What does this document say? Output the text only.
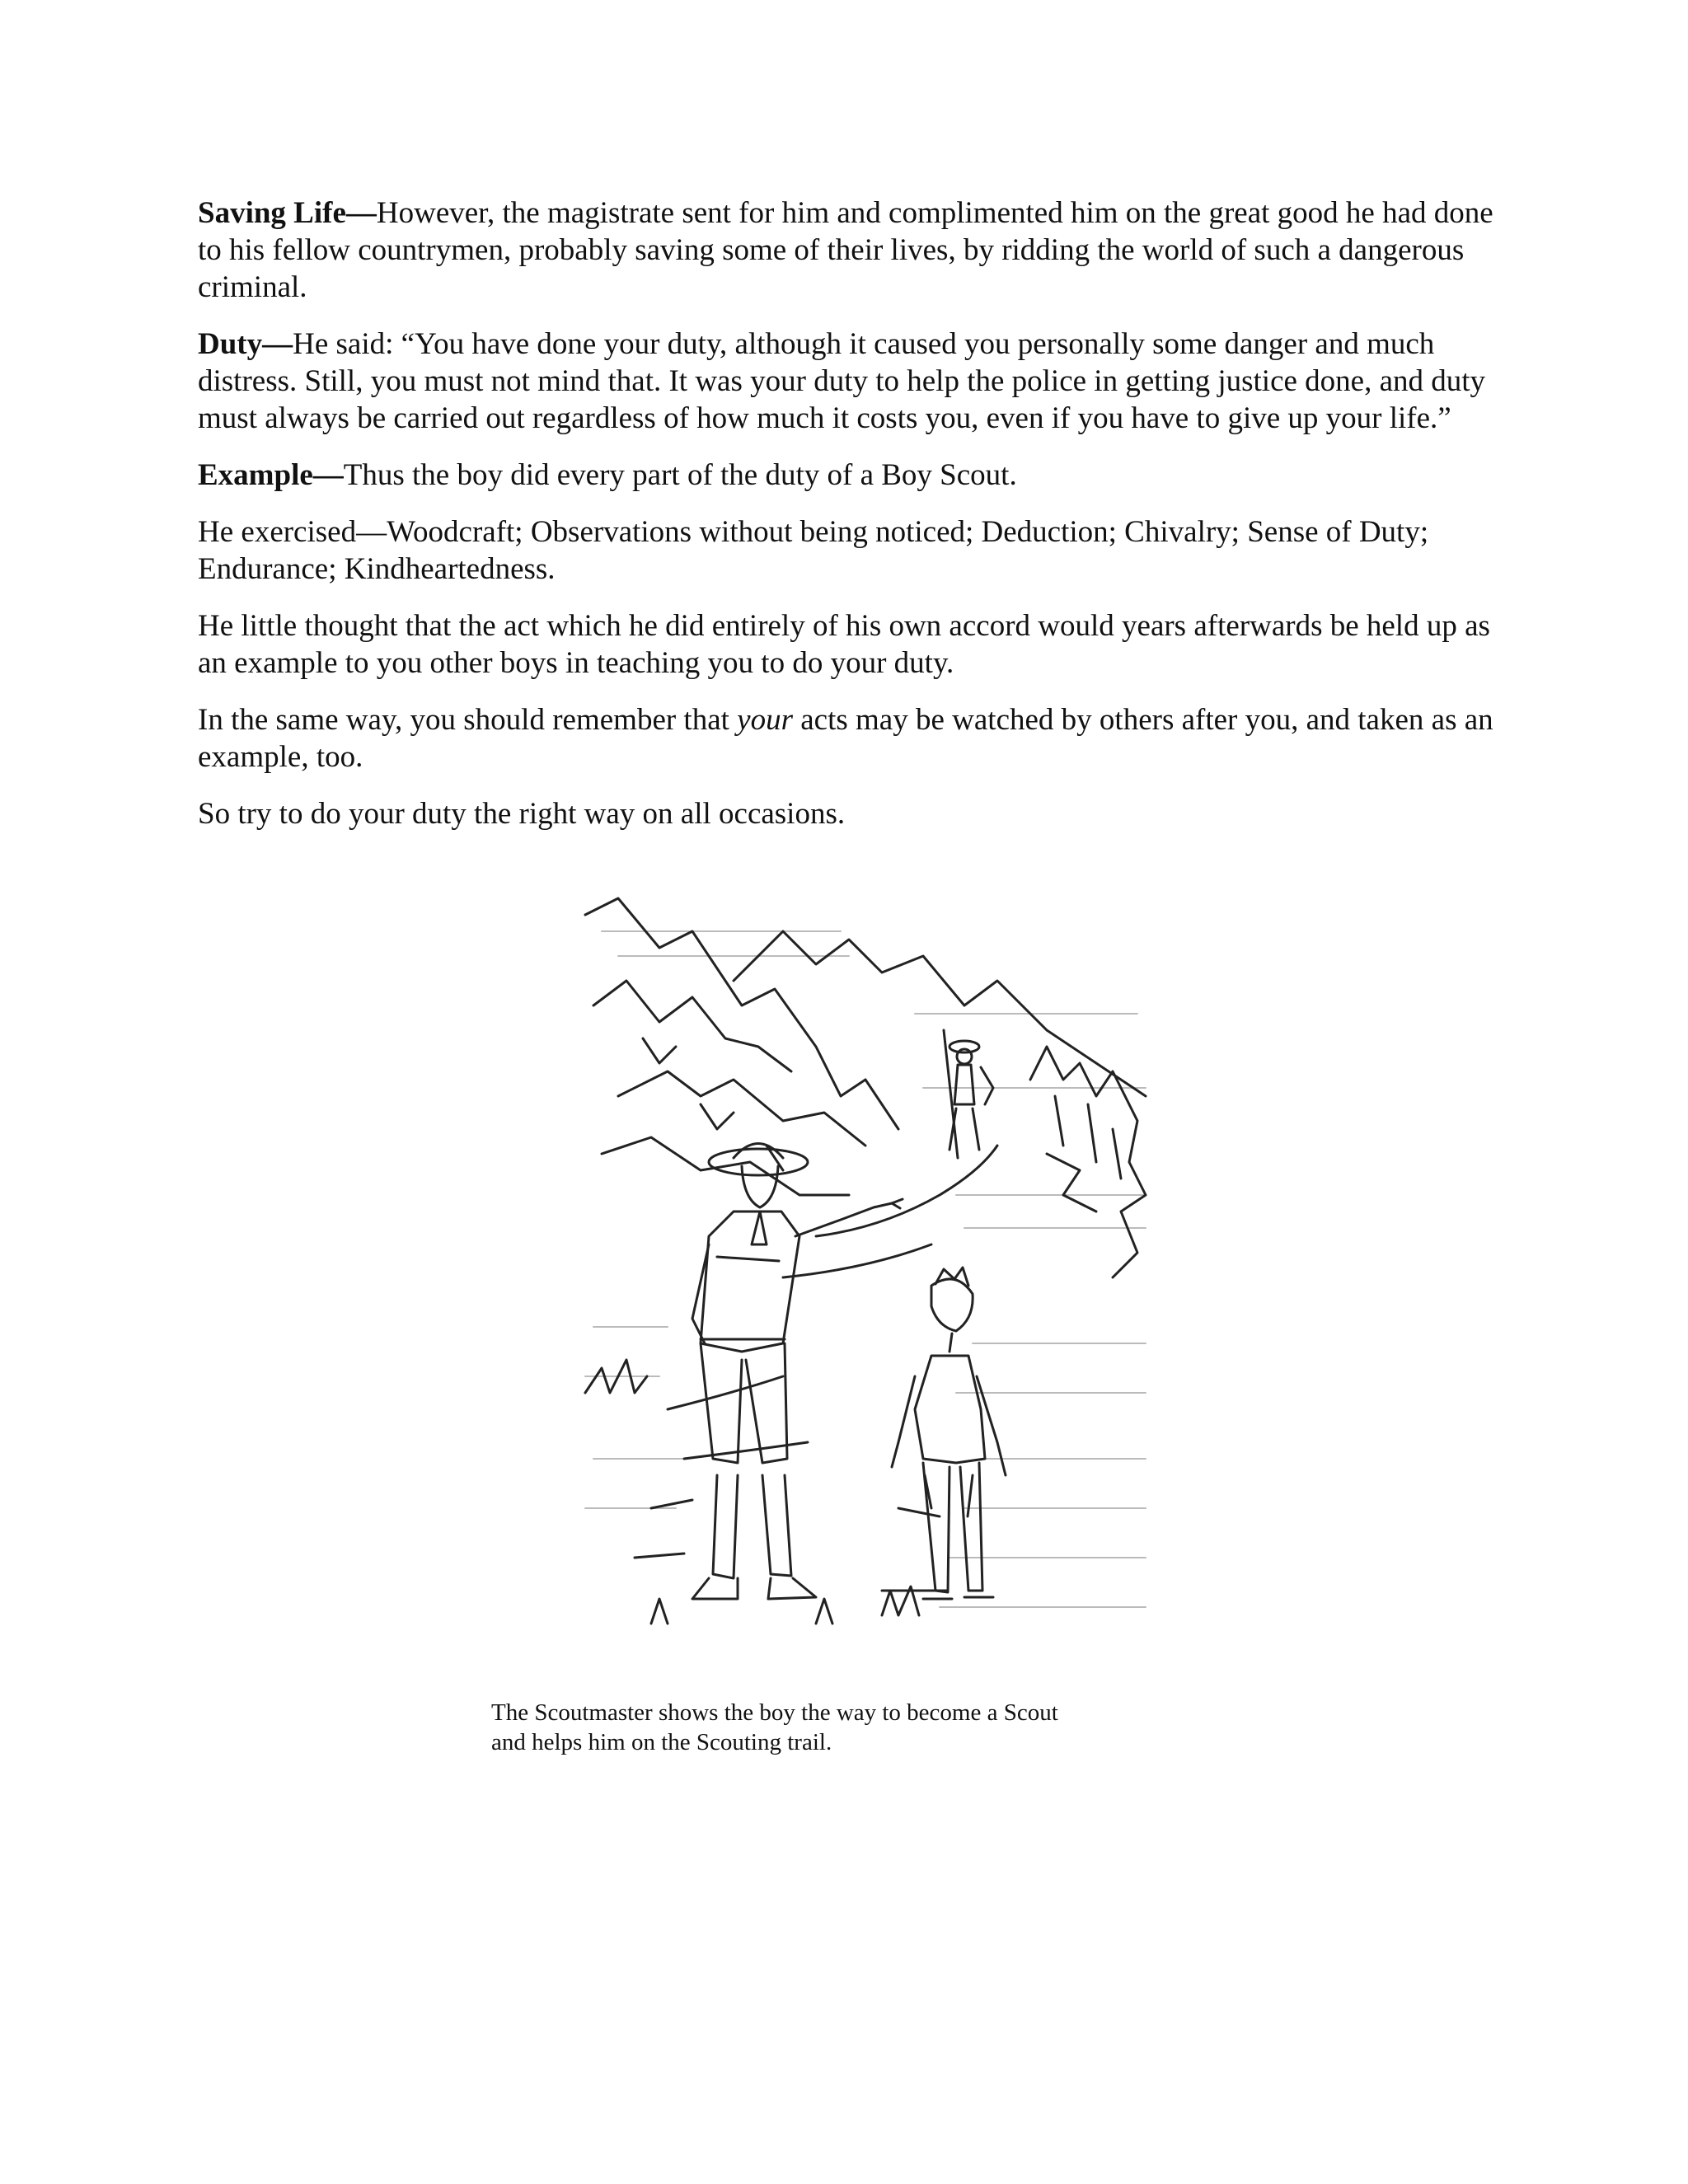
Saving Life—However, the magistrate sent for him and complimented him on the great good he had done to his fellow countrymen, probably saving some of their lives, by ridding the world of such a dangerous criminal.

Duty—He said: “You have done your duty, although it caused you personally some danger and much distress. Still, you must not mind that. It was your duty to help the police in getting justice done, and duty must always be carried out regardless of how much it costs you, even if you have to give up your life.”

Example—Thus the boy did every part of the duty of a Boy Scout.

He exercised—Woodcraft; Observations without being noticed; Deduction; Chivalry; Sense of Duty; Endurance; Kindheartedness.

He little thought that the act which he did entirely of his own accord would years afterwards be held up as an example to you other boys in teaching you to do your duty.

In the same way, you should remember that your acts may be watched by others after you, and taken as an example, too.

So try to do your duty the right way on all occasions.

The Scoutmaster shows the boy the way to become a Scout
and helps him on the Scouting trail.
